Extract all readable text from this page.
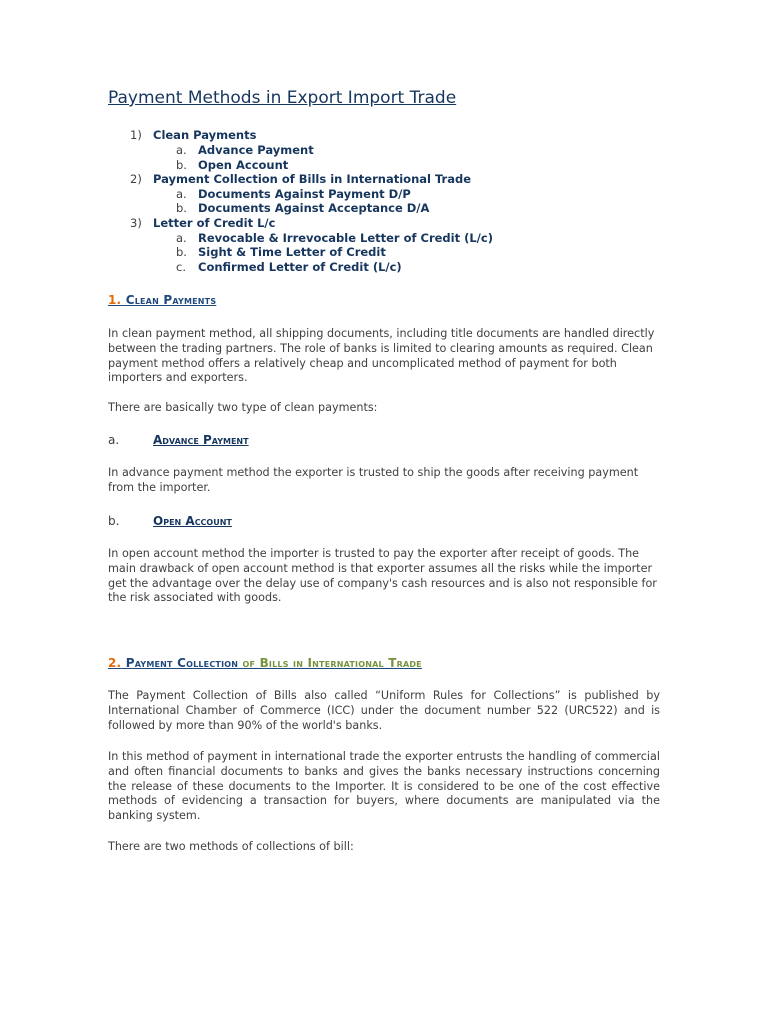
Payment Methods in Export Import Trade
1) Clean Payments
a. Advance Payment
b. Open Account
2) Payment Collection of Bills in International Trade
a. Documents Against Payment D/P
b. Documents Against Acceptance D/A
3) Letter of Credit L/c
a. Revocable & Irrevocable Letter of Credit (L/c)
b. Sight & Time Letter of Credit
c. Confirmed Letter of Credit (L/c)
1. Clean Payments
In clean payment method, all shipping documents, including title documents are handled directly between the trading partners. The role of banks is limited to clearing amounts as required. Clean payment method offers a relatively cheap and uncomplicated method of payment for both importers and exporters.
There are basically two type of clean payments:
a.	Advance Payment
In advance payment method the exporter is trusted to ship the goods after receiving payment from the importer.
b.	Open Account
In open account method the importer is trusted to pay the exporter after receipt of goods. The main drawback of open account method is that exporter assumes all the risks while the importer get the advantage over the delay use of company's cash resources and is also not responsible for the risk associated with goods.
2. Payment Collection of Bills in International Trade
The Payment Collection of Bills also called “Uniform Rules for Collections” is published by International Chamber of Commerce (ICC) under the document number 522 (URC522) and is followed by more than 90% of the world's banks.
In this method of payment in international trade the exporter entrusts the handling of commercial and often financial documents to banks and gives the banks necessary instructions concerning the release of these documents to the Importer. It is considered to be one of the cost effective methods of evidencing a transaction for buyers, where documents are manipulated via the banking system.
There are two methods of collections of bill:
